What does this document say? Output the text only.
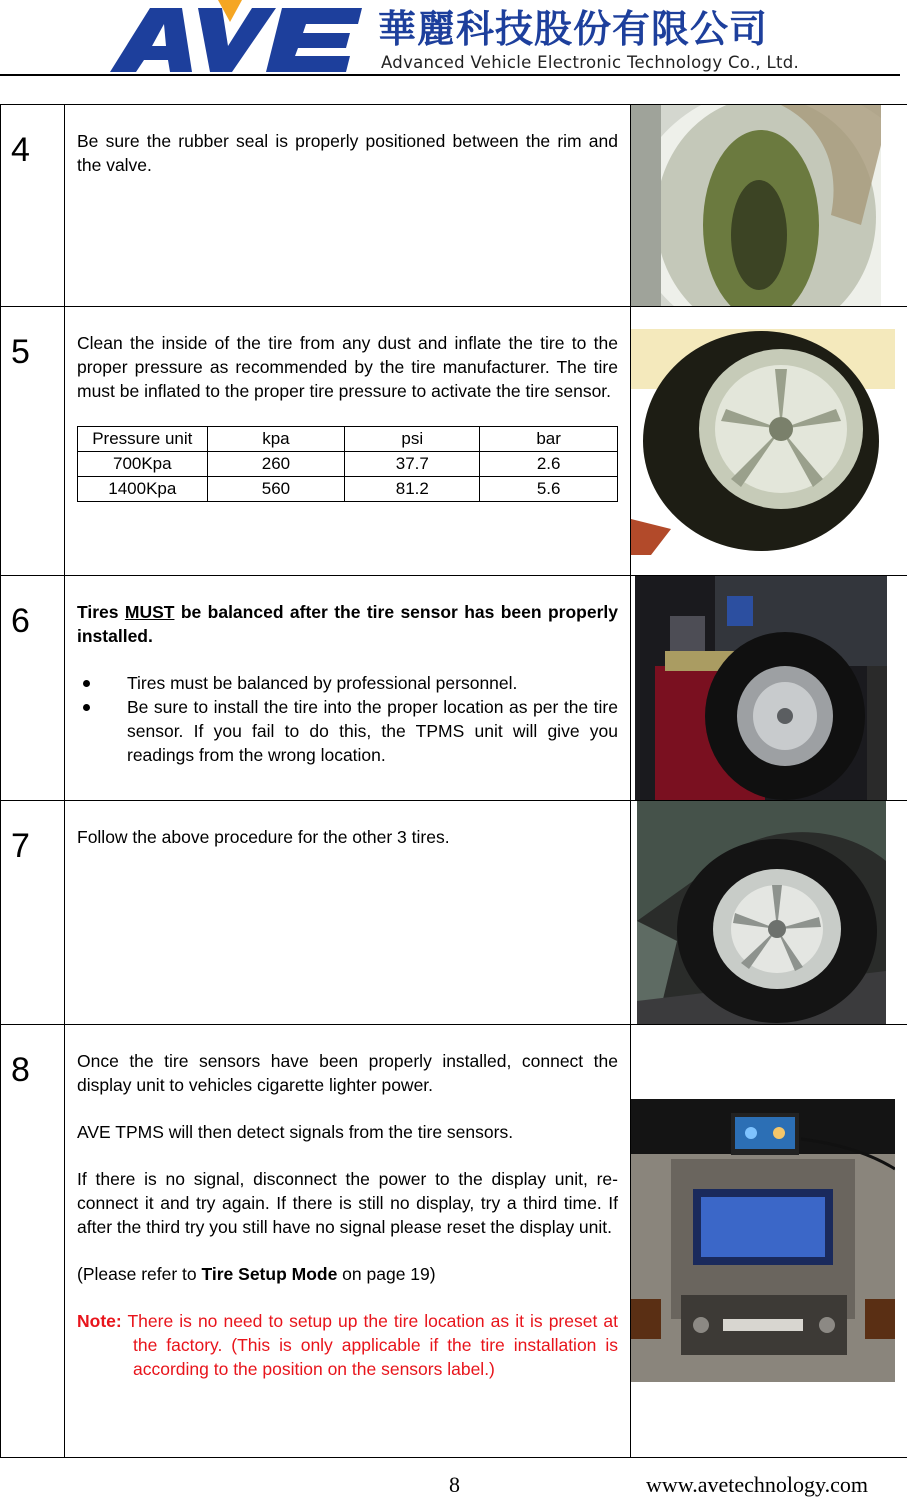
華麗科技股份有限公司
Advanced Vehicle Electronic Technology Co., Ltd.
4	Be sure the rubber seal is properly positioned between the rim and the valve.	

5	Clean the inside of the tire from any dust and inflate the tire to the proper pressure as recommended by the tire manufacturer. The tire must be inflated to the proper tire pressure to activate the tire sensor.

Pressure unit	kpa	psi	bar
700Kpa	260	37.7	2.6
1400Kpa	560	81.2	5.6

6	Tires MUST be balanced after the tire sensor has been properly installed.

Tires must be balanced by professional personnel.
Be sure to install the tire into the proper location as per the tire sensor. If you fail to do this, the TPMS unit will give you readings from the wrong location.

7	Follow the above procedure for the other 3 tires.	

8	Once the tire sensors have been properly installed, connect the display unit to vehicles cigarette lighter power.

AVE TPMS will then detect signals from the tire sensors.

If there is no signal, disconnect the power to the display unit, re-connect it and try again. If there is still no display, try a third time. If after the third try you still have no signal please reset the display unit.

(Please refer to Tire Setup Mode on page 19)

Note: There is no need to setup up the tire location as it is preset at the factory. (This is only applicable if the tire installation is according to the position on the sensors label.)

8	www.avetechnology.com
